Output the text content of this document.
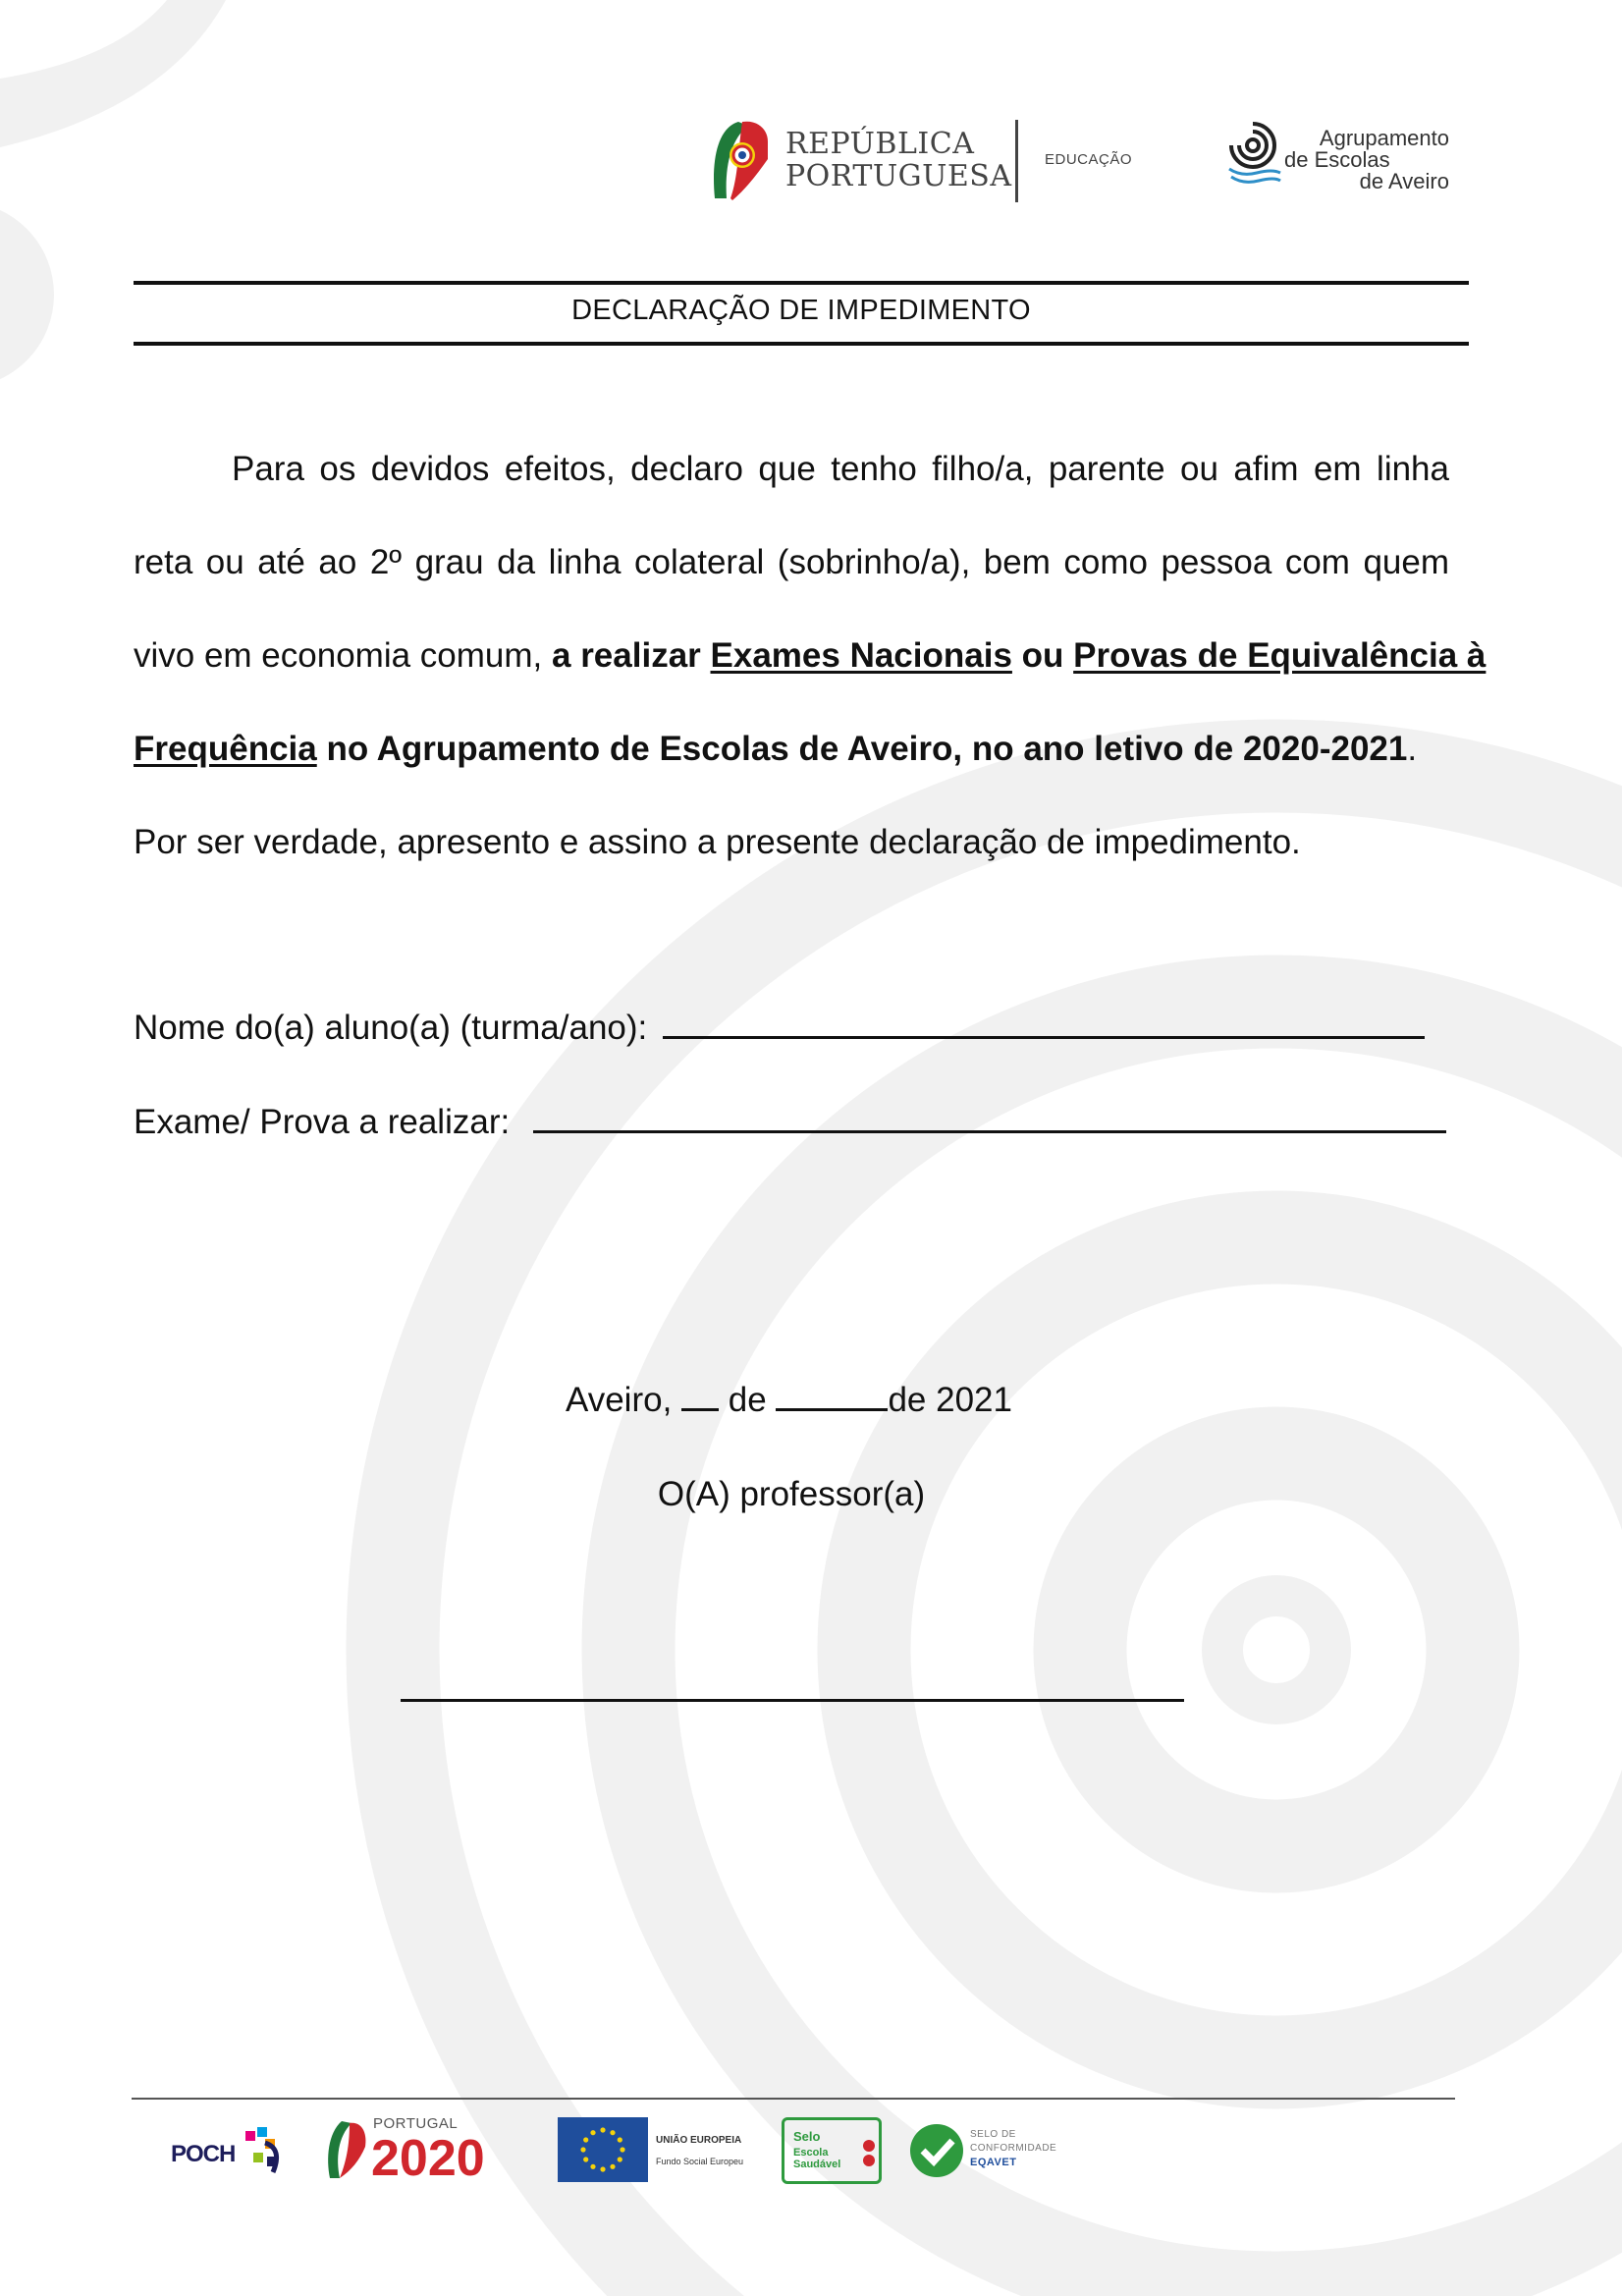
REPÚBLICA
PORTUGUESA EDUCAÇÃO
Agrupamento
de Escolas
de Aveiro
DECLARAÇÃO DE IMPEDIMENTO
Para os devidos efeitos, declaro que tenho filho/a, parente ou afim em linha
reta ou até ao 2º grau da linha colateral (sobrinho/a), bem como pessoa com quem
vivo em economia comum, a realizar Exames Nacionais ou Provas de Equivalência à
Frequência no Agrupamento de Escolas de Aveiro, no ano letivo de 2020-2021.
Por ser verdade, apresento e assino a presente declaração de impedimento.
Nome do(a) aluno(a) (turma/ano):
Exame/ Prova a realizar:
Aveiro, de	de 2021
O(A) professor(a)
POCH
PORTUGAL
2020	UNIÃO EUROPEIA
Fundo Social Europeu
Selo
Escola Saudável
SELO DE
CONFORMIDADE
EQAVET
